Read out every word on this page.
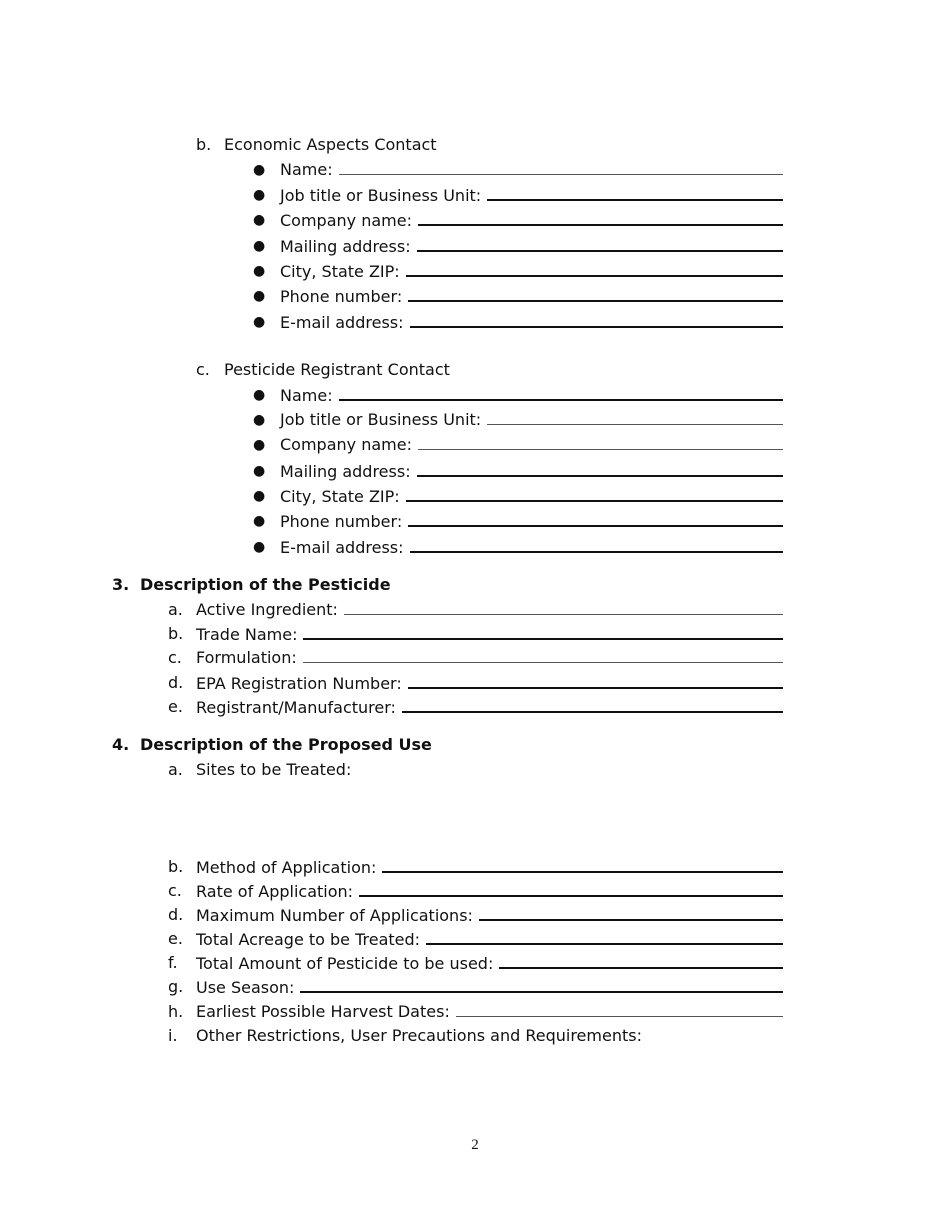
b. Economic Aspects Contact
● Name:
● Job title or Business Unit:
● Company name:
● Mailing address:
● City, State ZIP:
● Phone number:
● E-mail address:
c. Pesticide Registrant Contact
● Name:
● Job title or Business Unit:
● Company name:
● Mailing address:
● City, State ZIP:
● Phone number:
● E-mail address:
3. Description of the Pesticide
a. Active Ingredient:
b. Trade Name:
c. Formulation:
d. EPA Registration Number:
e. Registrant/Manufacturer:
4. Description of the Proposed Use
a. Sites to be Treated:
b. Method of Application:
c. Rate of Application:
d. Maximum Number of Applications:
e. Total Acreage to be Treated:
f. Total Amount of Pesticide to be used:
g. Use Season:
h. Earliest Possible Harvest Dates:
i. Other Restrictions, User Precautions and Requirements:
2
